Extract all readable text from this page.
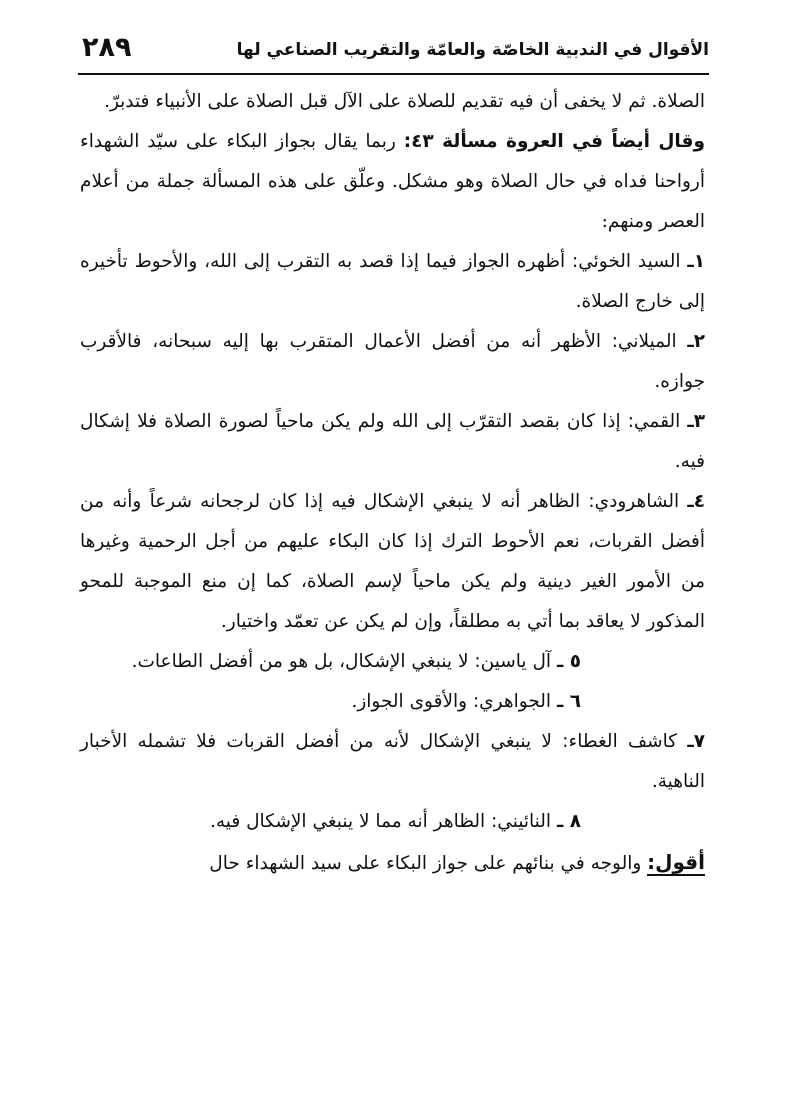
الأقوال في الندبية الخاصّة والعامّة والتقريب الصناعي لها
٢٨٩

الصلاة. ثم لا يخفى أن فيه تقديم للصلاة على الآل قبل الصلاة على الأنبياء فتدبرّ.

وقال أيضاً في العروة مسألة ٤٣: ربما يقال بجواز البكاء على سيّد الشهداء أرواحنا فداه في حال الصلاة وهو مشكل. وعلّق على هذه المسألة جملة من أعلام العصر ومنهم:

١ـ السيد الخوئي: أظهره الجواز فيما إذا قصد به التقرب إلى الله، والأحوط تأخيره إلى خارج الصلاة.

٢ـ الميلاني: الأظهر أنه من أفضل الأعمال المتقرب بها إليه سبحانه، فالأقرب جوازه.

٣ـ القمي: إذا كان بقصد التقرّب إلى الله ولم يكن ماحياً لصورة الصلاة فلا إشكال فيه.

٤ـ الشاهرودي: الظاهر أنه لا ينبغي الإشكال فيه إذا كان لرجحانه شرعاً وأنه من أفضل القربات، نعم الأحوط الترك إذا كان البكاء عليهم من أجل الرحمية وغيرها من الأمور الغير دينية ولم يكن ماحياً لإسم الصلاة، كما إن منع الموجبة للمحو المذكور لا يعاقد بما أتي به مطلقاً، وإن لم يكن عن تعمّد واختيار.

٥ ـ آل ياسين: لا ينبغي الإشكال، بل هو من أفضل الطاعات.

٦ ـ الجواهري: والأقوى الجواز.

٧ـ كاشف الغطاء: لا ينبغي الإشكال لأنه من أفضل القربات فلا تشمله الأخبار الناهية.

٨ ـ النائيني: الظاهر أنه مما لا ينبغي الإشكال فيه.

أقول: والوجه في بنائهم على جواز البكاء على سيد الشهداء حال
